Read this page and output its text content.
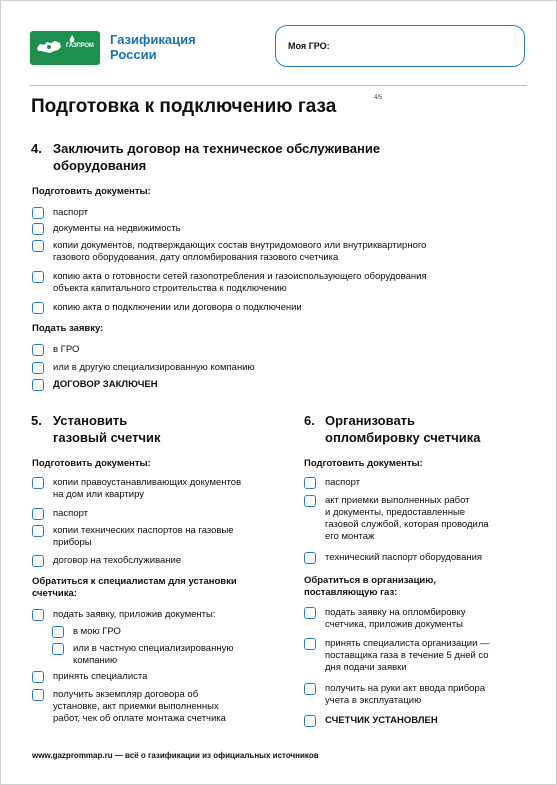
ГАЗПРОМ Газификация
России
Моя ГРО:
Подготовка к подключению газа	4/5
4. Заключить договор на техническое обслуживание
оборудования
Подготовить документы:
паспорт
документы на недвижимость
копии документов, подтверждающих состав внутридомового или внутриквартирного
газового оборудования, дату опломбирования газового счетчика
копию акта о готовности сетей газопотребления и газоиспользующего оборудования
объекта капитального строительства к подключению
копию акта о подключении или договора о подключении
Подать заявку:
в ГРО
или в другую специализированную компанию
ДОГОВОР ЗАКЛЮЧЕН
5. Установить
газовый счетчик
Подготовить документы:
копии правоустанавливающих документов
на дом или квартиру
паспорт
копии технических паспортов на газовые
приборы
договор на техобслуживание
Обратиться к специалистам для установки
счетчика:
подать заявку, приложив документы:
в мою ГРО
или в частную специализированную
компанию
принять специалиста
получить экземпляр договора об
установке, акт приемки выполненных
работ, чек об оплате монтажа счетчика
6. Организовать
опломбировку счетчика
Подготовить документы:
паспорт
акт приемки выполненных работ
и документы, предоставленные
газовой службой, которая проводила
его монтаж
технический паспорт оборудования
Обратиться в организацию,
поставляющую газ:
подать заявку на опломбировку
счетчика, приложив документы
принять специалиста организации —
поставщика газа в течение 5 дней со
дня подачи заявки
получить на руки акт ввода прибора
учета в эксплуатацию
СЧЕТЧИК УСТАНОВЛЕН
www.gazprommap.ru — всё о газификации из официальных источников
